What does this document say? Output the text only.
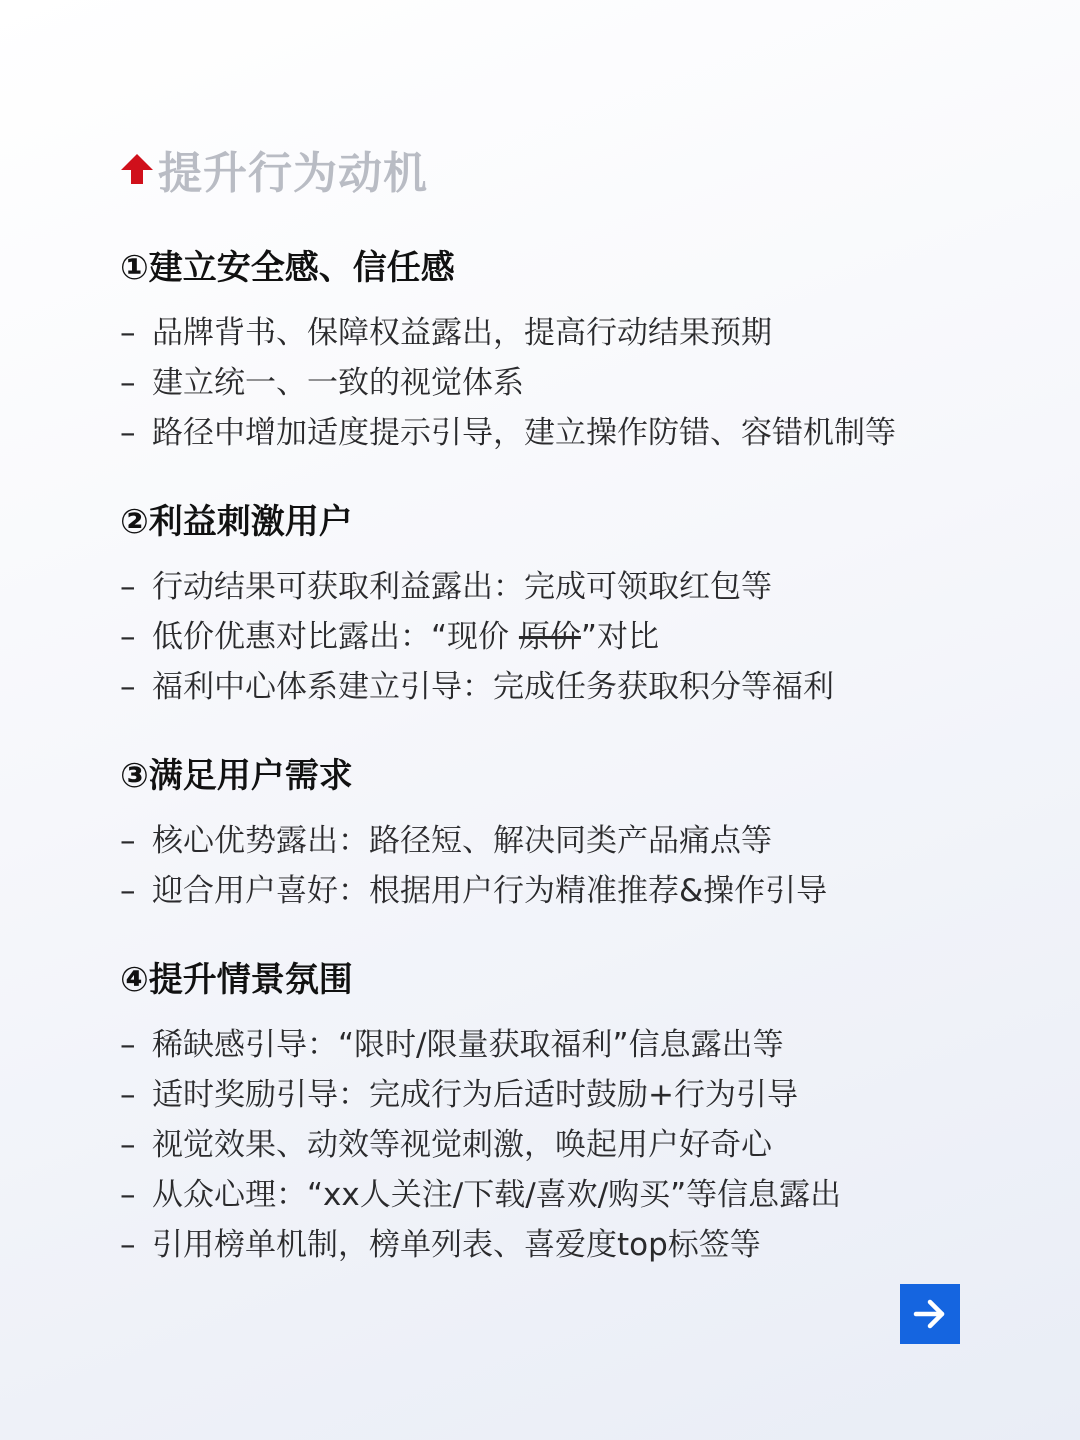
提升行为动机
①建立安全感、信任感
– 品牌背书、保障权益露出，提高行动结果预期
– 建立统一、一致的视觉体系
– 路径中增加适度提示引导，建立操作防错、容错机制等
②利益刺激用户
– 行动结果可获取利益露出：完成可领取红包等
– 低价优惠对比露出：“现价 原价”对比
– 福利中心体系建立引导：完成任务获取积分等福利
③满足用户需求
– 核心优势露出：路径短、解决同类产品痛点等
– 迎合用户喜好：根据用户行为精准推荐&操作引导
④提升情景氛围
– 稀缺感引导：“限时/限量获取福利”信息露出等
– 适时奖励引导：完成行为后适时鼓励+行为引导
– 视觉效果、动效等视觉刺激，唤起用户好奇心
– 从众心理：“xx人关注/下载/喜欢/购买”等信息露出
– 引用榜单机制，榜单列表、喜爱度top标签等
